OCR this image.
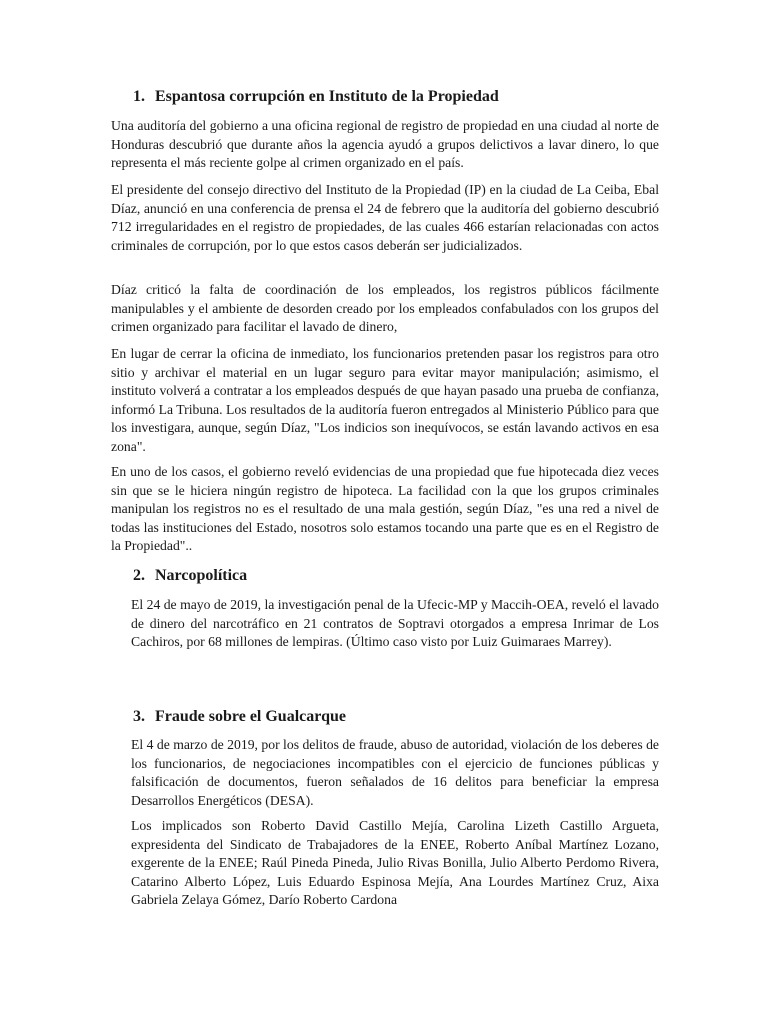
1. Espantosa corrupción en Instituto de la Propiedad

Una auditoría del gobierno a una oficina regional de registro de propiedad en una ciudad al norte de Honduras descubrió que durante años la agencia ayudó a grupos delictivos a lavar dinero, lo que representa el más reciente golpe al crimen organizado en el país.

El presidente del consejo directivo del Instituto de la Propiedad (IP) en la ciudad de La Ceiba, Ebal Díaz, anunció en una conferencia de prensa el 24 de febrero que la auditoría del gobierno descubrió 712 irregularidades en el registro de propiedades, de las cuales 466 estarían relacionadas con actos criminales de corrupción, por lo que estos casos deberán ser judicializados.

Díaz criticó la falta de coordinación de los empleados, los registros públicos fácilmente manipulables y el ambiente de desorden creado por los empleados confabulados con los grupos del crimen organizado para facilitar el lavado de dinero,

En lugar de cerrar la oficina de inmediato, los funcionarios pretenden pasar los registros para otro sitio y archivar el material en un lugar seguro para evitar mayor manipulación; asimismo, el instituto volverá a contratar a los empleados después de que hayan pasado una prueba de confianza, informó La Tribuna. Los resultados de la auditoría fueron entregados al Ministerio Público para que los investigara, aunque, según Díaz, "Los indicios son inequívocos, se están lavando activos en esa zona".

En uno de los casos, el gobierno reveló evidencias de una propiedad que fue hipotecada diez veces sin que se le hiciera ningún registro de hipoteca. La facilidad con la que los grupos criminales manipulan los registros no es el resultado de una mala gestión, según Díaz, "es una red a nivel de todas las instituciones del Estado, nosotros solo estamos tocando una parte que es en el Registro de la Propiedad"..

2. Narcopolítica

El 24 de mayo de 2019, la investigación penal de la Ufecic-MP y Maccih-OEA, reveló el lavado de dinero del narcotráfico en 21 contratos de Soptravi otorgados a empresa Inrimar de Los Cachiros, por 68 millones de lempiras. (Último caso visto por Luiz Guimaraes Marrey).

3. Fraude sobre el Gualcarque

El 4 de marzo de 2019, por los delitos de fraude, abuso de autoridad, violación de los deberes de los funcionarios, de negociaciones incompatibles con el ejercicio de funciones públicas y falsificación de documentos, fueron señalados de 16 delitos para beneficiar la empresa Desarrollos Energéticos (DESA).

Los implicados son Roberto David Castillo Mejía, Carolina Lizeth Castillo Argueta, expresidenta del Sindicato de Trabajadores de la ENEE, Roberto Aníbal Martínez Lozano, exgerente de la ENEE; Raúl Pineda Pineda, Julio Rivas Bonilla, Julio Alberto Perdomo Rivera, Catarino Alberto López, Luis Eduardo Espinosa Mejía, Ana Lourdes Martínez Cruz, Aixa Gabriela Zelaya Gómez, Darío Roberto Cardona
